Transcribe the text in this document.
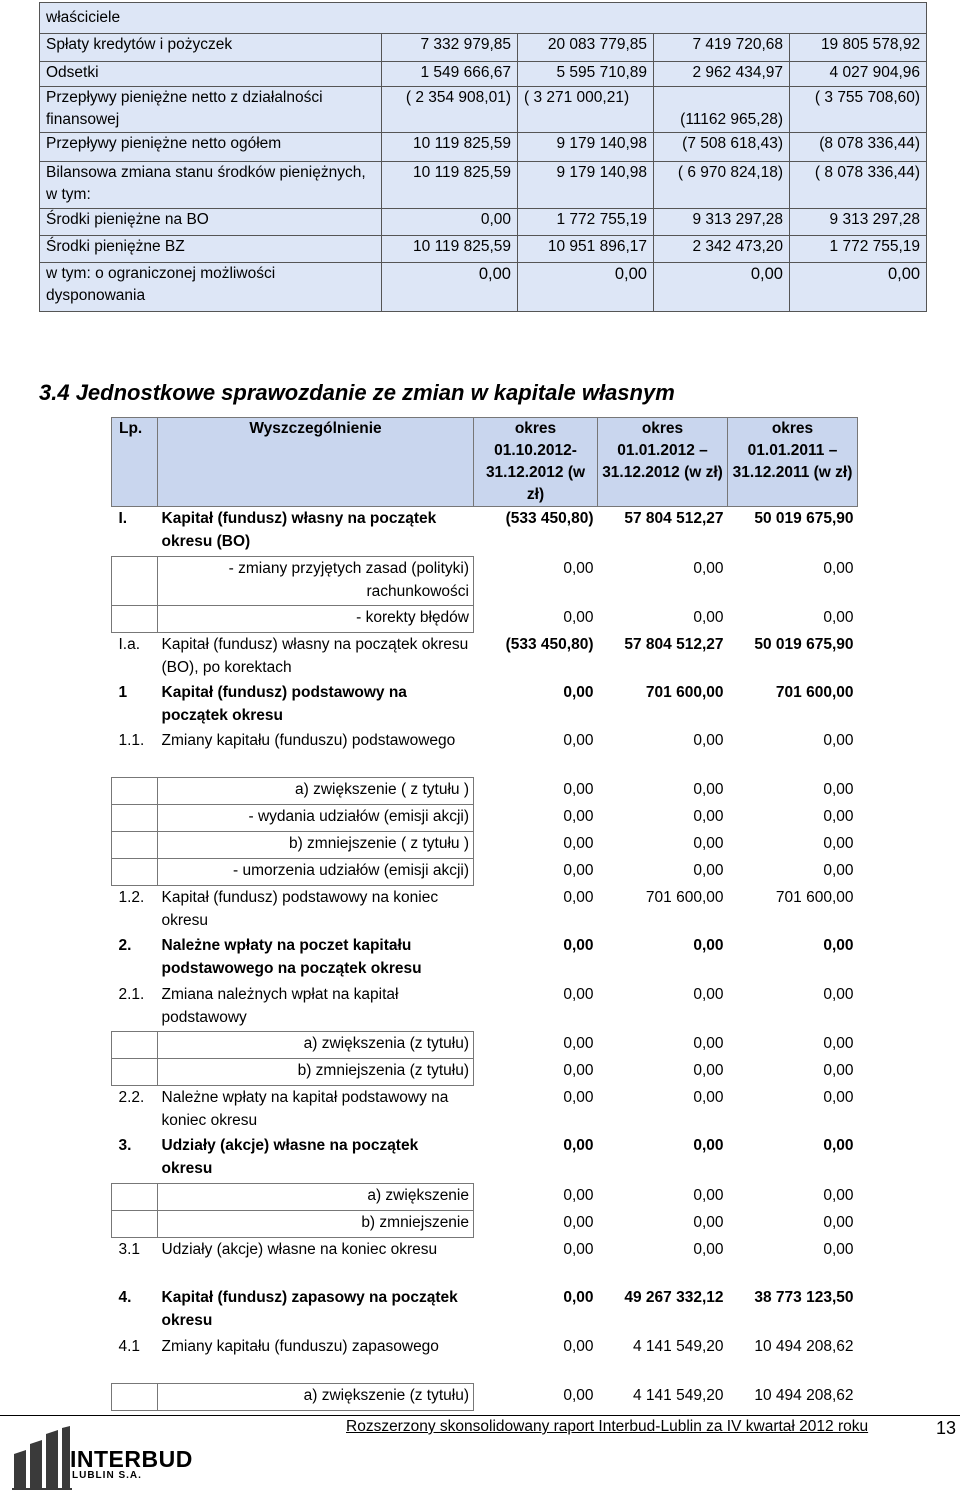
właściciele				
Spłaty kredytów i pożyczek	7 332 979,85	20 083 779,85	7 419 720,68	19 805 578,92
Odsetki	1 549 666,67	5 595 710,89	2 962 434,97	4 027 904,96
Przepływy pieniężne netto z działalności finansowej	( 2 354 908,01)	( 3 271 000,21)	(11162 965,28)	( 3 755 708,60)
Przepływy pieniężne netto ogółem	10 119 825,59	9 179 140,98	(7 508 618,43)	(8 078 336,44)
Bilansowa zmiana stanu środków pieniężnych, w tym:	10 119 825,59	9 179 140,98	( 6 970 824,18)	( 8 078 336,44)
Środki pieniężne na BO	0,00	1 772 755,19	9 313 297,28	9 313 297,28
Środki pieniężne BZ	10 119 825,59	10 951 896,17	2 342 473,20	1 772 755,19
w tym: o ograniczonej możliwości dysponowania	0,00	0,00	0,00	0,00
3.4 Jednostkowe sprawozdanie ze zmian w kapitale własnym
Lp.	Wyszczególnienie	okres 01.10.2012-31.12.2012 (w zł)	okres 01.01.2012 – 31.12.2012 (w zł)	okres 01.01.2011 – 31.12.2011 (w zł)
I.	Kapitał (fundusz) własny na początek okresu (BO)	(533 450,80)	57 804 512,27	50 019 675,90
	- zmiany przyjętych zasad (polityki) rachunkowości	0,00	0,00	0,00
	- korekty błędów	0,00	0,00	0,00
I.a.	Kapitał (fundusz) własny na początek okresu (BO), po korektach	(533 450,80)	57 804 512,27	50 019 675,90
1	Kapitał (fundusz) podstawowy na początek okresu	0,00	701 600,00	701 600,00
1.1.	Zmiany kapitału (funduszu) podstawowego	0,00	0,00	0,00
	a) zwiększenie ( z tytułu )	0,00	0,00	0,00
	- wydania udziałów (emisji akcji)	0,00	0,00	0,00
	b) zmniejszenie ( z tytułu )	0,00	0,00	0,00
	- umorzenia udziałów (emisji akcji)	0,00	0,00	0,00
1.2.	Kapitał (fundusz) podstawowy na koniec okresu	0,00	701 600,00	701 600,00
2.	Należne wpłaty na poczet kapitału podstawowego na początek okresu	0,00	0,00	0,00
2.1.	Zmiana należnych wpłat na kapitał podstawowy	0,00	0,00	0,00
	a) zwiększenia (z tytułu)	0,00	0,00	0,00
	b) zmniejszenia (z tytułu)	0,00	0,00	0,00
2.2.	Należne wpłaty na kapitał podstawowy na koniec okresu	0,00	0,00	0,00
3.	Udziały (akcje) własne na początek okresu	0,00	0,00	0,00
	a) zwiększenie	0,00	0,00	0,00
	b) zmniejszenie	0,00	0,00	0,00
3.1	Udziały (akcje) własne na koniec okresu	0,00	0,00	0,00
4.	Kapitał (fundusz) zapasowy na początek okresu	0,00	49 267 332,12	38 773 123,50
4.1	Zmiany kapitału (funduszu) zapasowego	0,00	4 141 549,20	10 494 208,62
	a) zwiększenie (z tytułu)	0,00	4 141 549,20	10 494 208,62
Rozszerzony skonsolidowany raport Interbud-Lublin za IV kwartał 2012 roku	13
INTERBUD
LUBLIN S.A.
